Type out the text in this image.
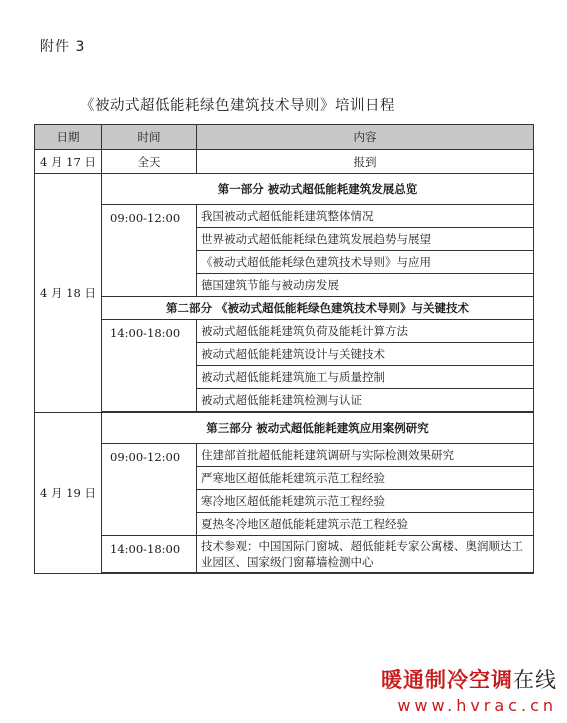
附件 3
《被动式超低能耗绿色建筑技术导则》培训日程
日期	时间	内容
4 月 17 日	全天	报到
4 月 18 日	第一部分 被动式超低能耗建筑发展总览	
	09:00-12:00	我国被动式超低能耗建筑整体情况
		世界被动式超低能耗绿色建筑发展趋势与展望
		《被动式超低能耗绿色建筑技术导则》与应用
		德国建筑节能与被动房发展
	第二部分 《被动式超低能耗绿色建筑技术导则》与关键技术	
	14:00-18:00	被动式超低能耗建筑负荷及能耗计算方法
		被动式超低能耗建筑设计与关键技术
		被动式超低能耗建筑施工与质量控制
		被动式超低能耗建筑检测与认证

4 月 19 日	第三部分 被动式超低能耗建筑应用案例研究	
	09:00-12:00	住建部首批超低能耗建筑调研与实际检测效果研究
		严寒地区超低能耗建筑示范工程经验
		寒冷地区超低能耗建筑示范工程经验
		夏热冬冷地区超低能耗建筑示范工程经验
	14:00-18:00	技术参观：中国国际门窗城、超低能耗专家公寓楼、奥润顺达工业园区、国家级门窗幕墙检测中心

暖通制冷空调在线
www.hvrac.cn
